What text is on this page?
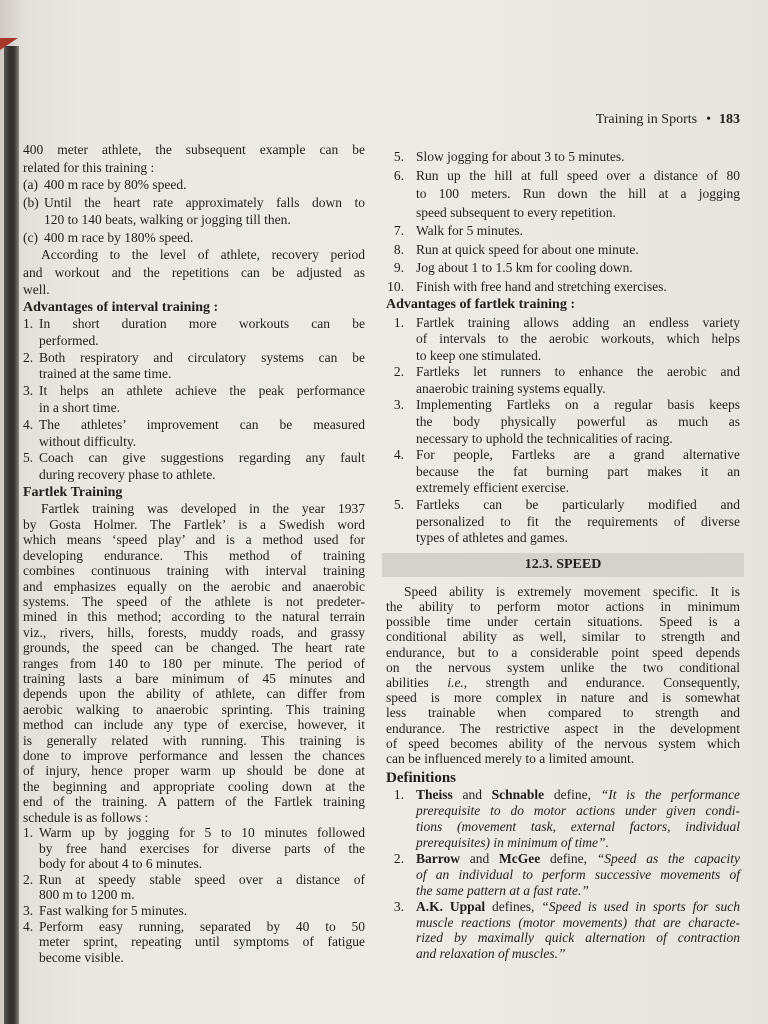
Training in Sports • 183
400 meter athlete, the subsequent example can be
related for this training :
(a) 400 m race by 80% speed.
(b) Until the heart rate approximately falls down to
120 to 140 beats, walking or jogging till then.
(c) 400 m race by 180% speed.
According to the level of athlete, recovery period
and workout and the repetitions can be adjusted as
well.
Advantages of interval training :
1. In short duration more workouts can be
performed.
2. Both respiratory and circulatory systems can be
trained at the same time.
3. It helps an athlete achieve the peak performance
in a short time.
4. The athletes’ improvement can be measured
without difficulty.
5. Coach can give suggestions regarding any fault
during recovery phase to athlete.
Fartlek Training
Fartlek training was developed in the year 1937
by Gosta Holmer. The Fartlek’ is a Swedish word
which means ‘speed play’ and is a method used for
developing endurance. This method of training
combines continuous training with interval training
and emphasizes equally on the aerobic and anaerobic
systems. The speed of the athlete is not predeter-
mined in this method; according to the natural terrain
viz., rivers, hills, forests, muddy roads, and grassy
grounds, the speed can be changed. The heart rate
ranges from 140 to 180 per minute. The period of
training lasts a bare minimum of 45 minutes and
depends upon the ability of athlete, can differ from
aerobic walking to anaerobic sprinting. This training
method can include any type of exercise, however, it
is generally related with running. This training is
done to improve performance and lessen the chances
of injury, hence proper warm up should be done at
the beginning and appropriate cooling down at the
end of the training. A pattern of the Fartlek training
schedule is as follows :
1. Warm up by jogging for 5 to 10 minutes followed
by free hand exercises for diverse parts of the
body for about 4 to 6 minutes.
2. Run at speedy stable speed over a distance of
800 m to 1200 m.
3. Fast walking for 5 minutes.
4. Perform easy running, separated by 40 to 50
meter sprint, repeating until symptoms of fatigue
become visible.
5. Slow jogging for about 3 to 5 minutes.
6. Run up the hill at full speed over a distance of 80
to 100 meters. Run down the hill at a jogging
speed subsequent to every repetition.
7. Walk for 5 minutes.
8. Run at quick speed for about one minute.
9. Jog about 1 to 1.5 km for cooling down.
10. Finish with free hand and stretching exercises.
Advantages of fartlek training :
1. Fartlek training allows adding an endless variety
of intervals to the aerobic workouts, which helps
to keep one stimulated.
2. Fartleks let runners to enhance the aerobic and
anaerobic training systems equally.
3. Implementing Fartleks on a regular basis keeps
the body physically powerful as much as
necessary to uphold the technicalities of racing.
4. For people, Fartleks are a grand alternative
because the fat burning part makes it an
extremely efficient exercise.
5. Fartleks can be particularly modified and
personalized to fit the requirements of diverse
types of athletes and games.
12.3. SPEED
Speed ability is extremely movement specific. It is
the ability to perform motor actions in minimum
possible time under certain situations. Speed is a
conditional ability as well, similar to strength and
endurance, but to a considerable point speed depends
on the nervous system unlike the two conditional
abilities i.e., strength and endurance. Consequently,
speed is more complex in nature and is somewhat
less trainable when compared to strength and
endurance. The restrictive aspect in the development
of speed becomes ability of the nervous system which
can be influenced merely to a limited amount.
Definitions
1. Theiss and Schnable define, “It is the performance
prerequisite to do motor actions under given condi-
tions (movement task, external factors, individual
prerequisites) in minimum of time”.
2. Barrow and McGee define, “Speed as the capacity
of an individual to perform successive movements of
the same pattern at a fast rate.”
3. A.K. Uppal defines, “Speed is used in sports for such
muscle reactions (motor movements) that are characte-
rized by maximally quick alternation of contraction
and relaxation of muscles.”
